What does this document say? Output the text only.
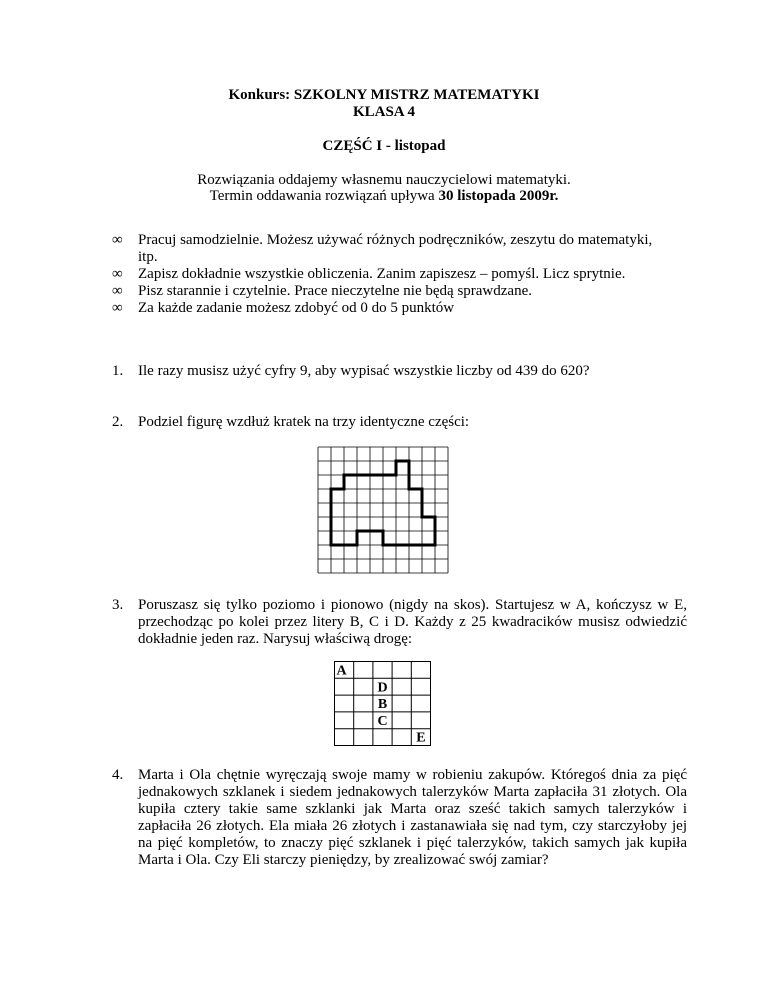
Konkurs: SZKOLNY MISTRZ MATEMATYKI
KLASA 4
CZĘŚĆ I - listopad
Rozwiązania oddajemy własnemu nauczycielowi matematyki.
Termin oddawania rozwiązań upływa 30 listopada 2009r.
∞ Pracuj samodzielnie. Możesz używać różnych podręczników, zeszytu do matematyki,
itp.
∞ Zapisz dokładnie wszystkie obliczenia. Zanim zapiszesz – pomyśl. Licz sprytnie.
∞ Pisz starannie i czytelnie. Prace nieczytelne nie będą sprawdzane.
∞ Za każde zadanie możesz zdobyć od 0 do 5 punktów
1. Ile razy musisz użyć cyfry 9, aby wypisać wszystkie liczby od 439 do 620?
2. Podziel figurę wzdłuż kratek na trzy identyczne części:
3. Poruszasz się tylko poziomo i pionowo (nigdy na skos). Startujesz w A, kończysz w E, przechodząc po kolei przez litery B, C i D. Każdy z 25 kwadracików musisz odwiedzić dokładnie jeden raz. Narysuj właściwą drogę:
A
D
B
C
E
4. Marta i Ola chętnie wyręczają swoje mamy w robieniu zakupów. Któregoś dnia za pięć jednakowych szklanek i siedem jednakowych talerzyków Marta zapłaciła 31 złotych. Ola kupiła cztery takie same szklanki jak Marta oraz sześć takich samych talerzyków i zapłaciła 26 złotych. Ela miała 26 złotych i zastanawiała się nad tym, czy starczyłoby jej na pięć kompletów, to znaczy pięć szklanek i pięć talerzyków, takich samych jak kupiła Marta i Ola. Czy Eli starczy pieniędzy, by zrealizować swój zamiar?
